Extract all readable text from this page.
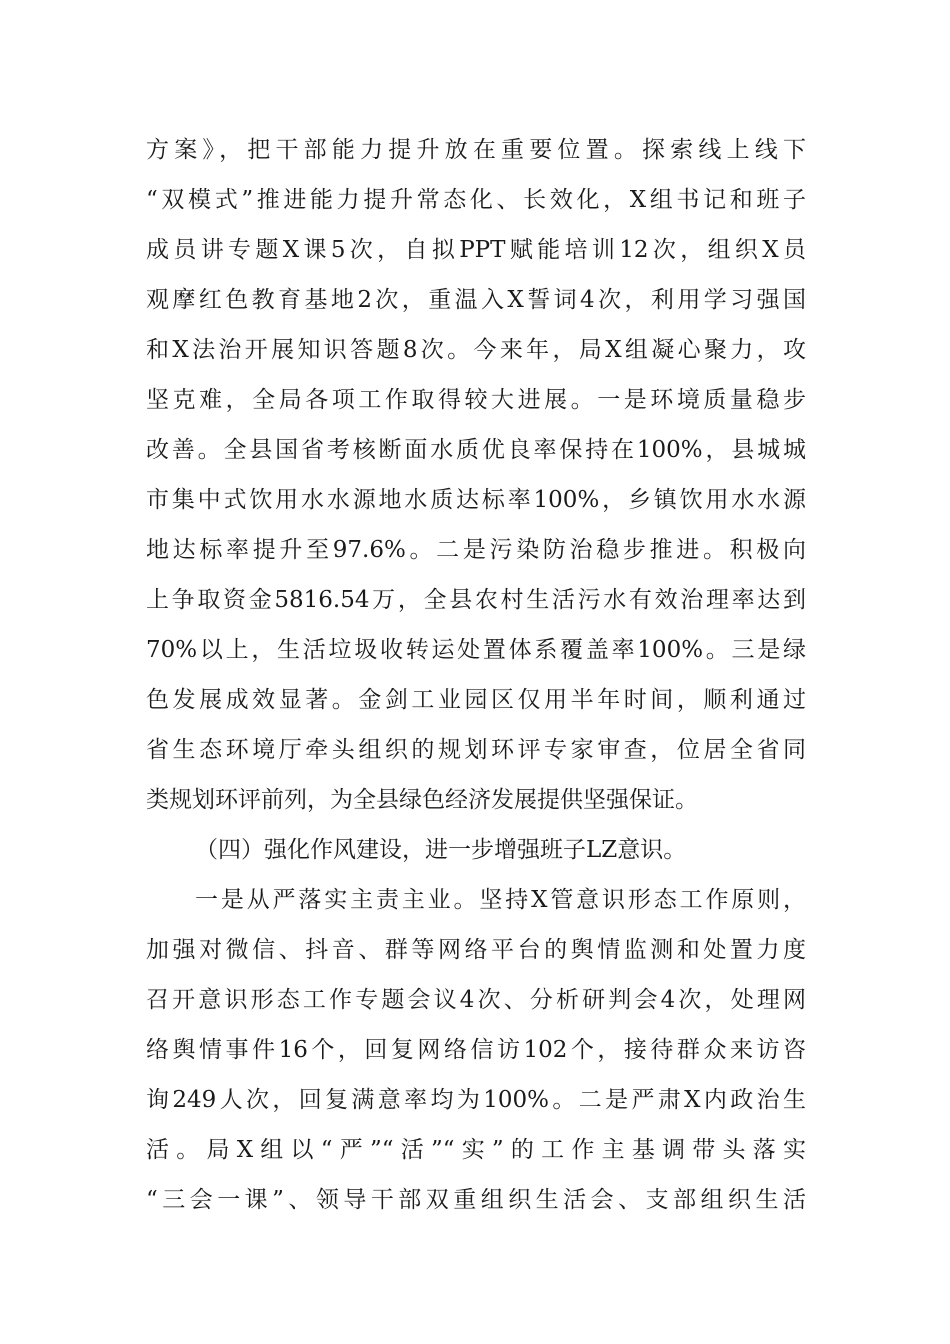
方案》，把干部能力提升放在重要位置。探索线上线下
“双模式”推进能力提升常态化、长效化，X组书记和班子
成员讲专题X课5次，自拟PPT赋能培训12次，组织X员
观摩红色教育基地2次，重温入X誓词4次，利用学习强国
和X法治开展知识答题8次。今来年，局X组凝心聚力，攻
坚克难，全局各项工作取得较大进展。一是环境质量稳步
改善。全县国省考核断面水质优良率保持在100%，县城城
市集中式饮用水水源地水质达标率100%，乡镇饮用水水源
地达标率提升至97.6%。二是污染防治稳步推进。积极向
上争取资金5816.54万，全县农村生活污水有效治理率达到
70%以上，生活垃圾收转运处置体系覆盖率100%。三是绿
色发展成效显著。金剑工业园区仅用半年时间，顺利通过
省生态环境厅牵头组织的规划环评专家审查，位居全省同
类规划环评前列，为全县绿色经济发展提供坚强保证。
（四）强化作风建设，进一步增强班子LZ意识。
一是从严落实主责主业。坚持X管意识形态工作原则，
加强对微信、抖音、群等网络平台的舆情监测和处置力度
召开意识形态工作专题会议4次、分析研判会4次，处理网
络舆情事件16个，回复网络信访102个，接待群众来访咨
询249人次，回复满意率均为100%。二是严肃X内政治生
活。局X组以“严”“活”“实”的工作主基调带头落实
“三会一课”、领导干部双重组织生活会、支部组织生活
